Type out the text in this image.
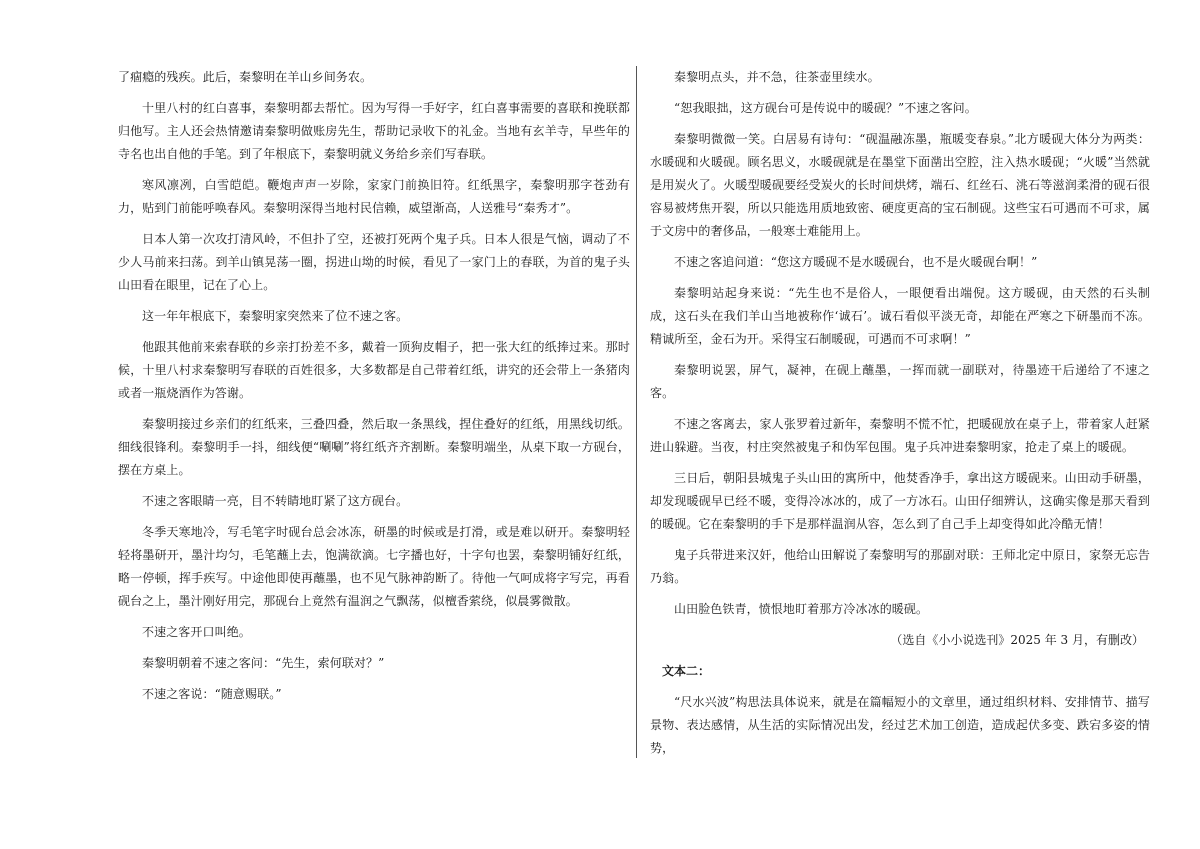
了痼瘾的残疾。此后，秦黎明在羊山乡间务农。

十里八村的红白喜事，秦黎明都去帮忙。因为写得一手好字，红白喜事需要的喜联和挽联都归他写。主人还会热情邀请秦黎明做账房先生，帮助记录收下的礼金。当地有玄羊寺，早些年的寺名也出自他的手笔。到了年根底下，秦黎明就义务给乡亲们写春联。

寒风凛冽，白雪皑皑。鞭炮声声一岁除，家家门前换旧符。红纸黑字，秦黎明那字苍劲有力，贴到门前能呼唤春风。秦黎明深得当地村民信赖，威望渐高，人送雅号“秦秀才”。

日本人第一次攻打清风岭，不但扑了空，还被打死两个鬼子兵。日本人很是气恼，调动了不少人马前来扫荡。到羊山镇晃荡一圈，拐进山坳的时候，看见了一家门上的春联，为首的鬼子头山田看在眼里，记在了心上。

这一年年根底下，秦黎明家突然来了位不速之客。

他跟其他前来索春联的乡亲打扮差不多，戴着一顶狗皮帽子，把一张大红的纸捧过来。那时候，十里八村求秦黎明写春联的百姓很多，大多数都是自己带着红纸，讲究的还会带上一条猪肉或者一瓶烧酒作为答谢。

秦黎明接过乡亲们的红纸来，三叠四叠，然后取一条黑线，捏住叠好的红纸，用黑线切纸。细线很锋利。秦黎明手一抖，细线便“唰唰”将红纸齐齐割断。秦黎明端坐，从桌下取一方砚台，摆在方桌上。

不速之客眼睛一亮，目不转睛地盯紧了这方砚台。

冬季天寒地冷，写毛笔字时砚台总会冰冻，研墨的时候或是打滑，或是难以研开。秦黎明轻轻将墨研开，墨汁均匀，毛笔蘸上去，饱满欲滴。七字播也好，十字句也罢，秦黎明铺好红纸，略一停顿，挥手疾写。中途他即使再蘸墨，也不见气脉神韵断了。待他一气呵成将字写完，再看砚台之上，墨汁刚好用完，那砚台上竟然有温润之气飘荡，似檀香萦绕，似晨雾微散。

不速之客开口叫绝。

秦黎明朝着不速之客问：“先生，索何联对？”

不速之客说：“随意赐联。”

秦黎明点头，并不急，往茶壶里续水。

“恕我眼拙，这方砚台可是传说中的暖砚？”不速之客问。

秦黎明微微一笑。白居易有诗句：“砚温融冻墨，瓶暖变春泉。”北方暖砚大体分为两类：水暖砚和火暖砚。顾名思义，水暖砚就是在墨堂下面凿出空腔，注入热水暖砚；“火暖”当然就是用炭火了。火暖型暖砚要经受炭火的长时间烘烤，端石、红丝石、洮石等滋润柔滑的砚石很容易被烤焦开裂，所以只能选用质地致密、硬度更高的宝石制砚。这些宝石可遇而不可求，属于文房中的奢侈品，一般寒士难能用上。

不速之客追问道：“您这方暖砚不是水暖砚台，也不是火暖砚台啊！”

秦黎明站起身来说：“先生也不是俗人，一眼便看出端倪。这方暖砚，由天然的石头制成，这石头在我们羊山当地被称作‘诚石’。诚石看似平淡无奇，却能在严寒之下研墨而不冻。精诚所至，金石为开。采得宝石制暖砚，可遇而不可求啊！”

秦黎明说罢，屏气，凝神，在砚上蘸墨，一挥而就一副联对，待墨迹干后递给了不速之客。

不速之客离去，家人张罗着过新年，秦黎明不慌不忙，把暖砚放在桌子上，带着家人赶紧进山躲避。当夜，村庄突然被鬼子和伪军包围。鬼子兵冲进秦黎明家，抢走了桌上的暖砚。

三日后，朝阳县城鬼子头山田的寓所中，他焚香净手，拿出这方暖砚来。山田动手研墨，却发现暖砚早已经不暖，变得冷冰冰的，成了一方冰石。山田仔细辨认，这确实像是那天看到的暖砚。它在秦黎明的手下是那样温润从容，怎么到了自己手上却变得如此冷酷无情！

鬼子兵带进来汉奸，他给山田解说了秦黎明写的那副对联：王师北定中原日，家祭无忘告乃翁。

山田脸色铁青，愤恨地盯着那方冷冰冰的暖砚。

（选自《小小说选刊》2025 年 3 月，有删改）

文本二：

“尺水兴波”构思法具体说来，就是在篇幅短小的文章里，通过组织材料、安排情节、描写景物、表达感情，从生活的实际情况出发，经过艺术加工创造，造成起伏多变、跌宕多姿的情势，
